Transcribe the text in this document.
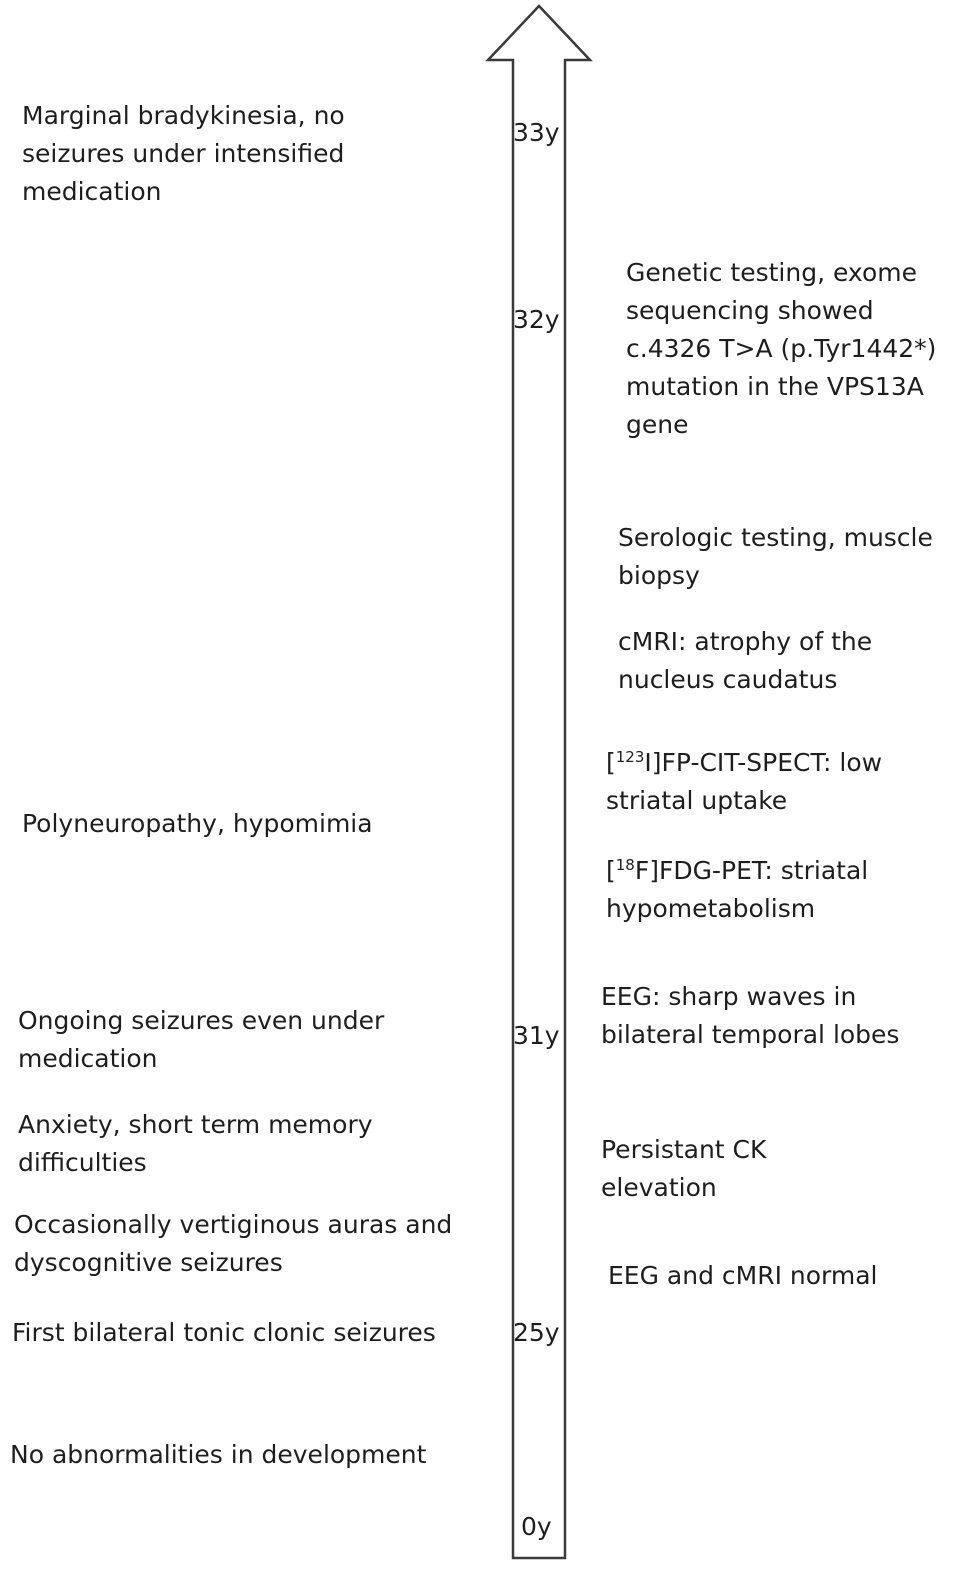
33y
32y
31y
25y
0y
Marginal bradykinesia, no
seizures under intensified
medication
Polyneuropathy, hypomimia
Ongoing seizures even under
medication
Anxiety, short term memory
difficulties
Occasionally vertiginous auras and
dyscognitive seizures
First bilateral tonic clonic seizures
No abnormalities in development
Genetic testing, exome
sequencing showed
c.4326 T>A (p.Tyr1442*)
mutation in the VPS13A
gene
Serologic testing, muscle
biopsy
cMRI: atrophy of the
nucleus caudatus
[$^{123}$I]FP-CIT-SPECT: low
striatal uptake
[$^{18}$F]FDG-PET: striatal
hypometabolism
EEG: sharp waves in
bilateral temporal lobes
Persistant CK
elevation
EEG and cMRI normal
